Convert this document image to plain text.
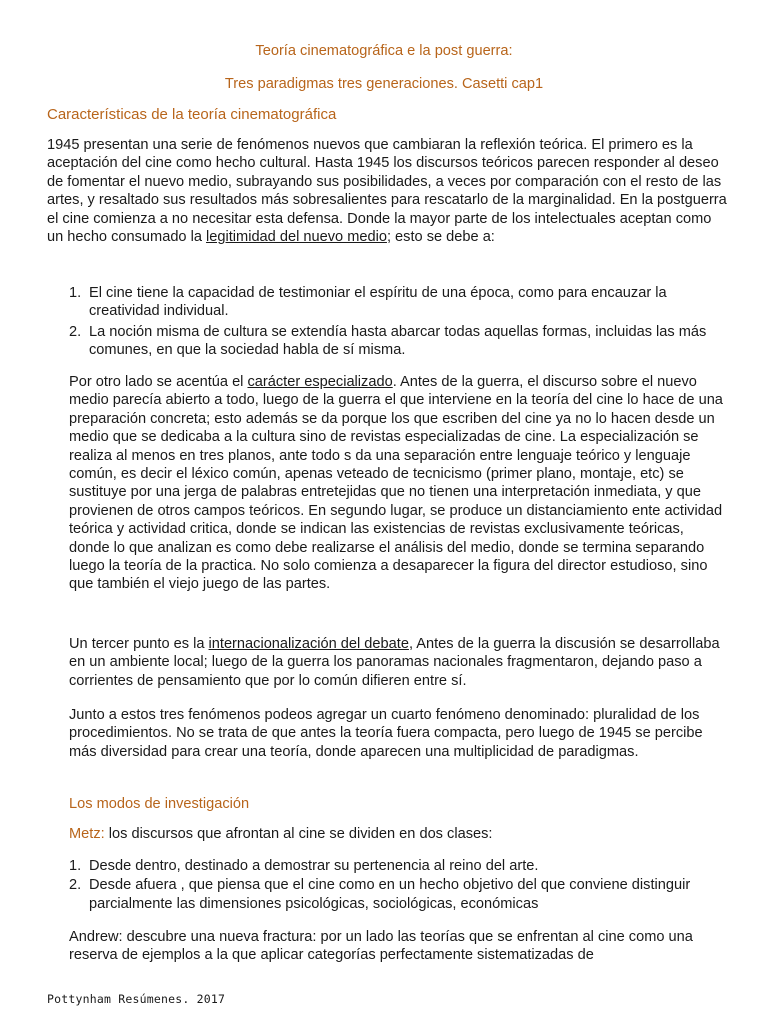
Teoría cinematográfica e la post guerra:
Tres paradigmas tres generaciones. Casetti cap1
Características de la teoría cinematográfica

1945 presentan una serie de fenómenos nuevos que cambiaran la reflexión teórica. El primero es la aceptación del cine como hecho cultural. Hasta 1945 los discursos teóricos parecen responder al deseo de fomentar el nuevo medio, subrayando sus posibilidades, a veces por comparación con el resto de las artes, y resaltado sus resultados más sobresalientes para rescatarlo de la marginalidad. En la postguerra el cine comienza a no necesitar esta defensa. Donde la mayor parte de los intelectuales aceptan como un hecho consumado la legitimidad del nuevo medio; esto se debe a:

1. El cine tiene la capacidad de testimoniar el espíritu de una época, como para encauzar la creatividad individual.
2. La noción misma de cultura se extendía hasta abarcar todas aquellas formas, incluidas las más comunes, en que la sociedad habla de sí misma.

Por otro lado se acentúa el carácter especializado. Antes de la guerra, el discurso sobre el nuevo medio parecía abierto a todo, luego de la guerra el que interviene en la teoría del cine lo hace de una preparación concreta; esto además se da porque los que escriben del cine ya no lo hacen desde un medio que se dedicaba a la cultura sino de revistas especializadas de cine. La especialización se realiza al menos en tres planos, ante todo s da una separación entre lenguaje teórico y lenguaje común, es decir el léxico común, apenas veteado de tecnicismo (primer plano, montaje, etc) se sustituye por una jerga de palabras entretejidas que no tienen una interpretación inmediata, y que provienen de otros campos teóricos. En segundo lugar, se produce un distanciamiento ente actividad teórica y actividad critica, donde se indican las existencias de revistas exclusivamente teóricas, donde lo que analizan es como debe realizarse el análisis del medio, donde se termina separando luego la teoría de la practica. No solo comienza a desaparecer la figura del director estudioso, sino que también el viejo juego de las partes.

Un tercer punto es la internacionalización del debate, Antes de la guerra la discusión se desarrollaba en un ambiente local; luego de la guerra los panoramas nacionales fragmentaron, dejando paso a corrientes de pensamiento que por lo común difieren entre sí.

Junto a estos tres fenómenos podeos agregar un cuarto fenómeno denominado: pluralidad de los procedimientos. No se trata de que antes la teoría fuera compacta, pero luego de 1945 se percibe más diversidad para crear una teoría, donde aparecen una multiplicidad de paradigmas.

Los modos de investigación

Metz: los discursos que afrontan al cine se dividen en dos clases:

1. Desde dentro, destinado a demostrar su pertenencia al reino del arte.
2. Desde afuera , que piensa que el cine como en un hecho objetivo del que conviene distinguir parcialmente las dimensiones psicológicas, sociológicas, económicas

Andrew: descubre una nueva fractura: por un lado las teorías que se enfrentan al cine como una reserva de ejemplos a la que aplicar categorías perfectamente sistematizadas de

Pottynham Resúmenes. 2017
